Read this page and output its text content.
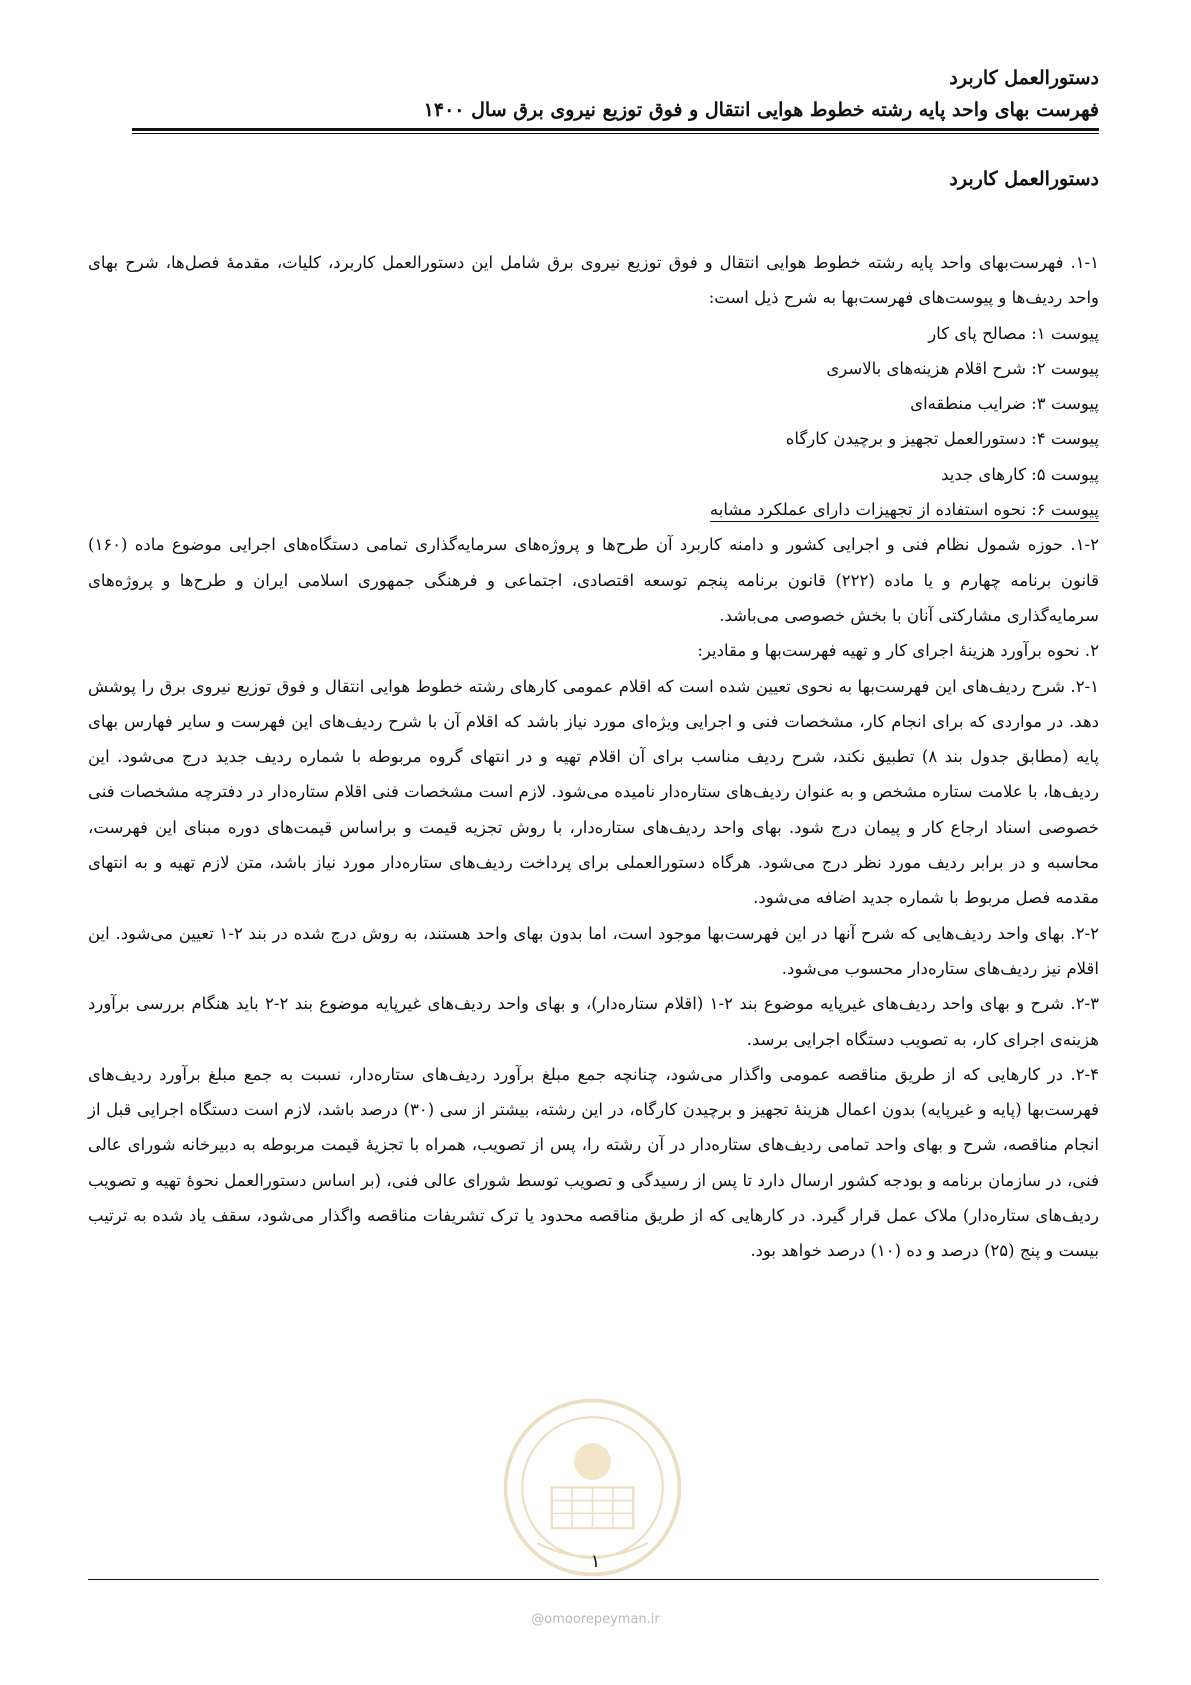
دستورالعمل کاربرد
فهرست بهای واحد پایه رشته خطوط هوایی انتقال و فوق توزیع نیروی برق سال ۱۴۰۰
دستورالعمل کاربرد

۱-۱. فهرست‌بهای واحد پایه رشته خطوط هوایی انتقال و فوق توزیع نیروی برق شامل این دستورالعمل کاربرد، کلیات، مقدمهٔ فصل‌ها، شرح بهای واحد ردیف‌ها و پیوست‌های فهرست‌بها به شرح ذیل است:

پیوست ۱: مصالح پای کار

پیوست ۲: شرح اقلام هزینه‌های بالاسری

پیوست ۳: ضرایب منطقه‌ای

پیوست ۴: دستورالعمل تجهیز و برچیدن کارگاه

پیوست ۵: کارهای جدید

پیوست ۶: نحوه استفاده از تجهیزات دارای عملکرد مشابه

۱-۲. حوزه شمول نظام فنی و اجرایی کشور و دامنه کاربرد آن طرح‌ها و پروژه‌های سرمایه‌گذاری تمامی دستگاه‌های اجرایی موضوع ماده (۱۶۰) قانون برنامه چهارم و یا ماده (۲۲۲) قانون برنامه پنجم توسعه اقتصادی، اجتماعی و فرهنگی جمهوری اسلامی ایران و طرح‌ها و پروژه‌های سرمایه‌گذاری مشارکتی آنان با بخش خصوصی می‌باشد.

۲. نحوه برآورد هزینهٔ اجرای کار و تهیه فهرست‌بها و مقادیر:

۲-۱. شرح ردیف‌های این فهرست‌بها به نحوی تعیین شده است که اقلام عمومی کارهای رشته خطوط هوایی انتقال و فوق توزیع نیروی برق را پوشش دهد. در مواردی که برای انجام کار، مشخصات فنی و اجرایی ویژه‌ای مورد نیاز باشد که اقلام آن با شرح ردیف‌های این فهرست و سایر فهارس بهای پایه (مطابق جدول بند ۸) تطبیق نکند، شرح ردیف مناسب برای آن اقلام تهیه و در انتهای گروه مربوطه با شماره ردیف جدید درج می‌شود. این ردیف‌ها، با علامت ستاره مشخص و به عنوان ردیف‌های ستاره‌دار نامیده می‌شود. لازم است مشخصات فنی اقلام ستاره‌دار در دفترچه مشخصات فنی خصوصی اسناد ارجاع کار و پیمان درج شود. بهای واحد ردیف‌های ستاره‌دار، با روش تجزیه قیمت و براساس قیمت‌های دوره مبنای این فهرست، محاسبه و در برابر ردیف مورد نظر درج می‌شود. هرگاه دستورالعملی برای پرداخت ردیف‌های ستاره‌دار مورد نیاز باشد، متن لازم تهیه و به انتهای مقدمه فصل مربوط با شماره جدید اضافه می‌شود.

۲-۲. بهای واحد ردیف‌هایی که شرح آنها در این فهرست‌بها موجود است، اما بدون بهای واحد هستند، به روش درج شده در بند ۲-۱ تعیین می‌شود. این اقلام نیز ردیف‌های ستاره‌دار محسوب می‌شود.

۲-۳. شرح و بهای واحد ردیف‌های غیرپایه موضوع بند ۲-۱ (اقلام ستاره‌دار)، و بهای واحد ردیف‌های غیرپایه موضوع بند ۲-۲ باید هنگام بررسی برآورد هزینه‌ی اجرای کار، به تصویب دستگاه اجرایی برسد.

۲-۴. در کارهایی که از طریق مناقصه عمومی واگذار می‌شود، چنانچه جمع مبلغ برآورد ردیف‌های ستاره‌دار، نسبت به جمع مبلغ برآورد ردیف‌های فهرست‌بها (پایه و غیرپایه) بدون اعمال هزینهٔ تجهیز و برچیدن کارگاه، در این رشته، بیشتر از سی (۳۰) درصد باشد، لازم است دستگاه اجرایی قبل از انجام مناقصه، شرح و بهای واحد تمامی ردیف‌های ستاره‌دار در آن رشته را، پس از تصویب، همراه با تجزیهٔ قیمت مربوطه به دبیرخانه شورای عالی فنی، در سازمان برنامه و بودجه کشور ارسال دارد تا پس از رسیدگی و تصویب توسط شورای عالی فنی، (بر اساس دستورالعمل نحوهٔ تهیه و تصویب ردیف‌های ستاره‌دار) ملاک عمل قرار گیرد. در کارهایی که از طریق مناقصه محدود یا ترک تشریفات مناقصه واگذار می‌شود، سقف یاد شده به ترتیب بیست و پنج (۲۵) درصد و ده (۱۰) درصد خواهد بود.

۱
@omoorepeyman.ir
